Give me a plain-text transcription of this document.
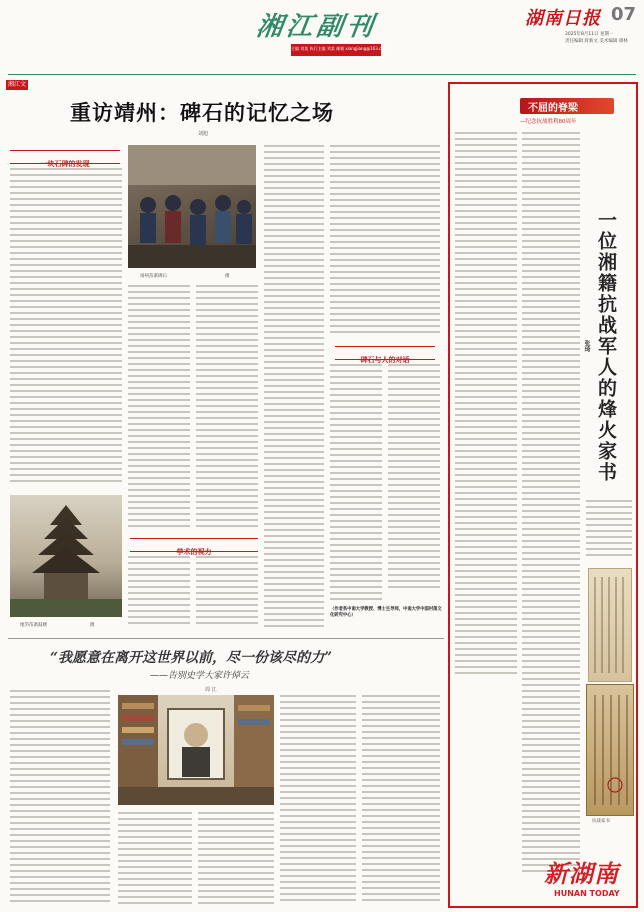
湘江副刊
主编 刘某 执行主编 刘某 邮箱 xiangjiang@163.com
湖南日报 07
2025年8月11日 星期一
责任编辑 蒋新文 美术编辑 谭林
湘江文
重访靖州：碑石的记忆之场
刘旭
一块石碑的发现
地笋苗寨鼓楼	摄
靖州苗寨碑石	摄
学术的视力
碑石与人的对话
（作者系中南大学教授、博士生导师，中南大学中国村落文化研究中心）
“我愿意在离开这世界以前，尽一份该尽的力”
——告别史学大家许倬云
周 江
不屈的脊梁
—纪念抗战胜利80周年
一位湘籍抗战军人的烽火家书
张琦
抗战家书
新湖南
HUNAN TODAY
